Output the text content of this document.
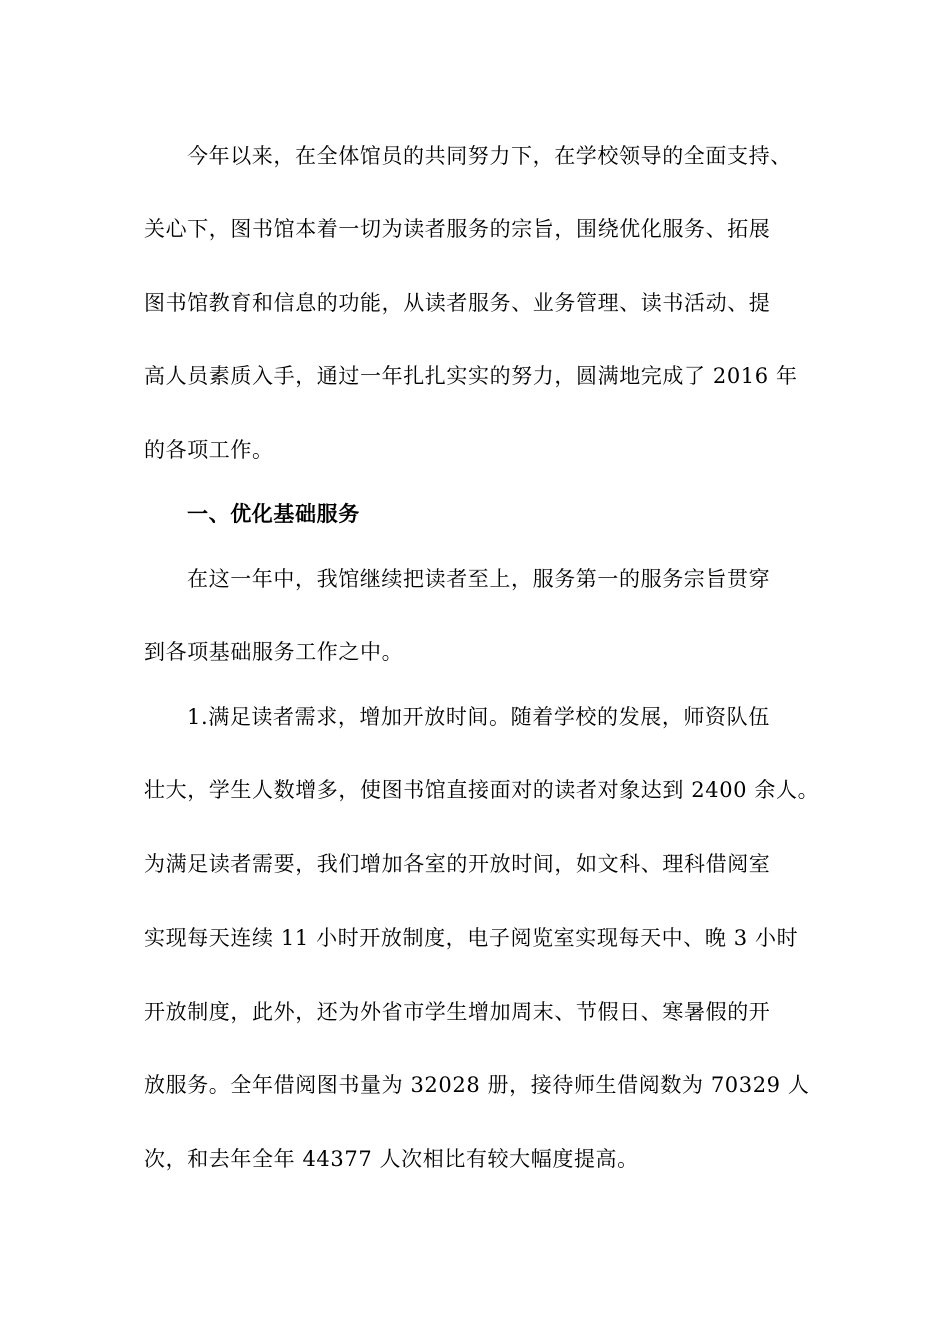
今年以来，在全体馆员的共同努力下，在学校领导的全面支持、
关心下，图书馆本着一切为读者服务的宗旨，围绕优化服务、拓展
图书馆教育和信息的功能，从读者服务、业务管理、读书活动、提
高人员素质入手，通过一年扎扎实实的努力，圆满地完成了 2016 年
的各项工作。
一、优化基础服务
在这一年中，我馆继续把读者至上，服务第一的服务宗旨贯穿
到各项基础服务工作之中。
1.满足读者需求，增加开放时间。随着学校的发展，师资队伍
壮大，学生人数增多，使图书馆直接面对的读者对象达到 2400 余人。
为满足读者需要，我们增加各室的开放时间，如文科、理科借阅室
实现每天连续 11 小时开放制度，电子阅览室实现每天中、晚 3 小时
开放制度，此外，还为外省市学生增加周末、节假日、寒暑假的开
放服务。全年借阅图书量为 32028 册，接待师生借阅数为 70329 人
次，和去年全年 44377 人次相比有较大幅度提高。
